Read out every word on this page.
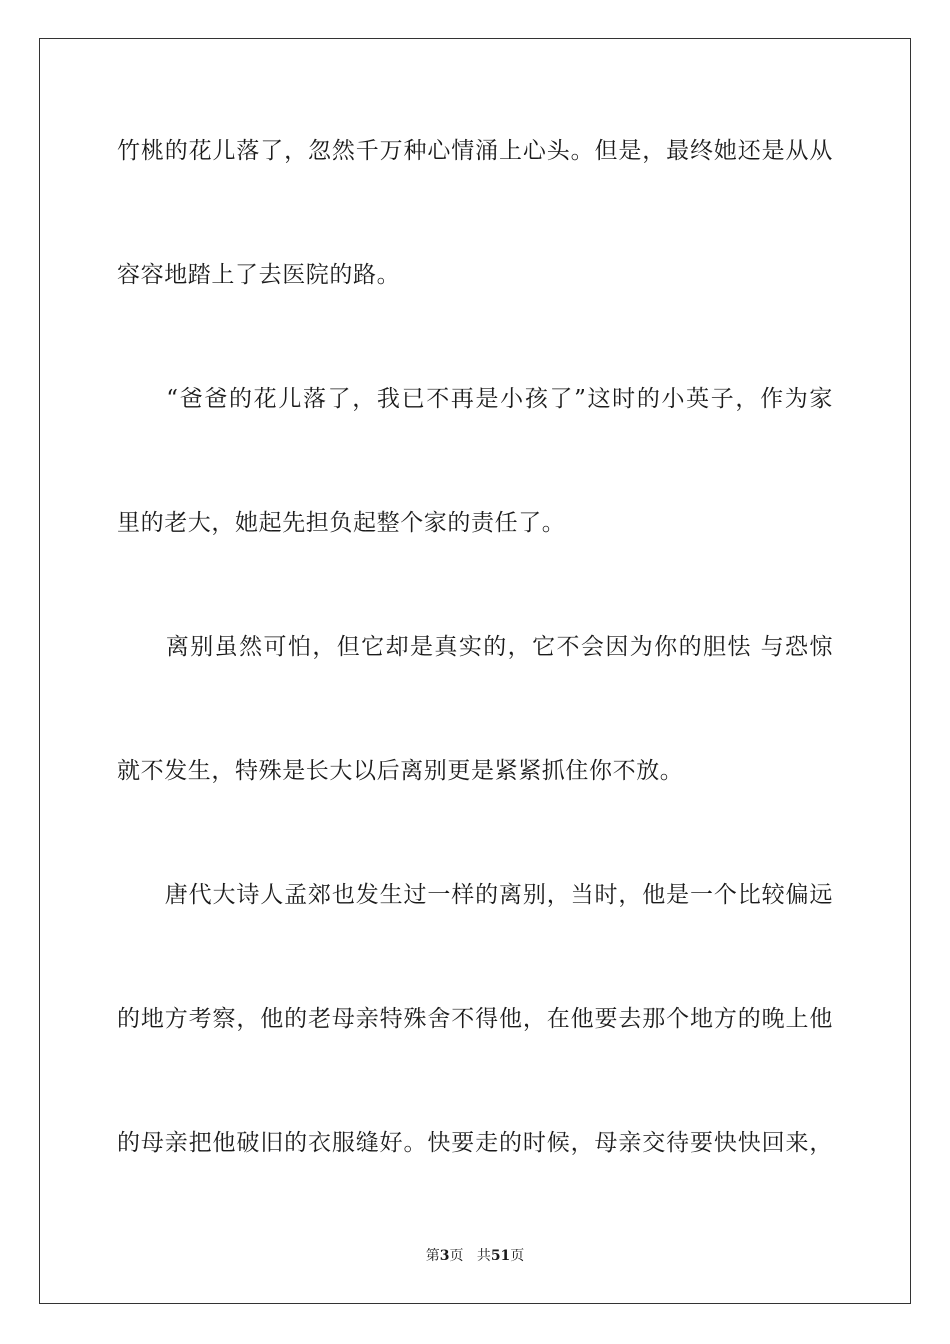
竹桃的花儿落了，忽然千万种心情涌上心头。但是，最终她还是从从
容容地踏上了去医院的路。
　　“爸爸的花儿落了，我已不再是小孩了”这时的小英子，作为家
里的老大，她起先担负起整个家的责任了。
　　离别虽然可怕，但它却是真实的，它不会因为你的胆怯 与恐惊
就不发生，特殊是长大以后离别更是紧紧抓住你不放。
　　唐代大诗人孟郊也发生过一样的离别，当时，他是一个比较偏远
的地方考察，他的老母亲特殊舍不得他，在他要去那个地方的晚上他
的母亲把他破旧的衣服缝好。快要走的时候，母亲交待要快快回来，
第3页 共51页
